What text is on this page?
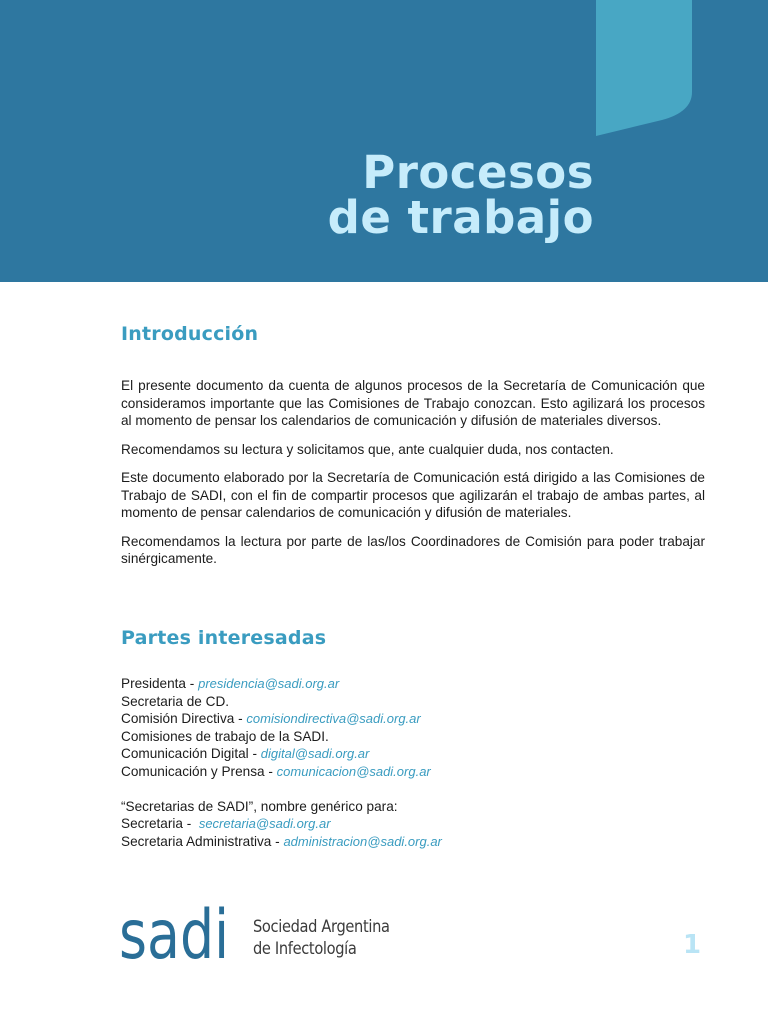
Procesos
de trabajo
Introducción

El presente documento da cuenta de algunos procesos de la Secretaría de Comunicación que consideramos importante que las Comisiones de Trabajo conozcan. Esto agilizará los procesos al momento de pensar los calendarios de comunicación y difusión de materiales diversos.

Recomendamos su lectura y solicitamos que, ante cualquier duda, nos contacten.

Este documento elaborado por la Secretaría de Comunicación está dirigido a las Comisiones de Trabajo de SADI, con el fin de compartir procesos que agilizarán el trabajo de ambas partes, al momento de pensar calendarios de comunicación y difusión de materiales.

Recomendamos la lectura por parte de las/los Coordinadores de Comisión para poder trabajar sinérgicamente.

Partes interesadas
Presidenta - presidencia@sadi.org.ar
Secretaria de CD.
Comisión Directiva - comisiondirectiva@sadi.org.ar
Comisiones de trabajo de la SADI.
Comunicación Digital - digital@sadi.org.ar
Comunicación y Prensa - comunicacion@sadi.org.ar
“Secretarias de SADI”, nombre genérico para:
Secretaria -  secretaria@sadi.org.ar
Secretaria Administrativa - administracion@sadi.org.ar
sadi Sociedad Argentina
de Infectología	1
